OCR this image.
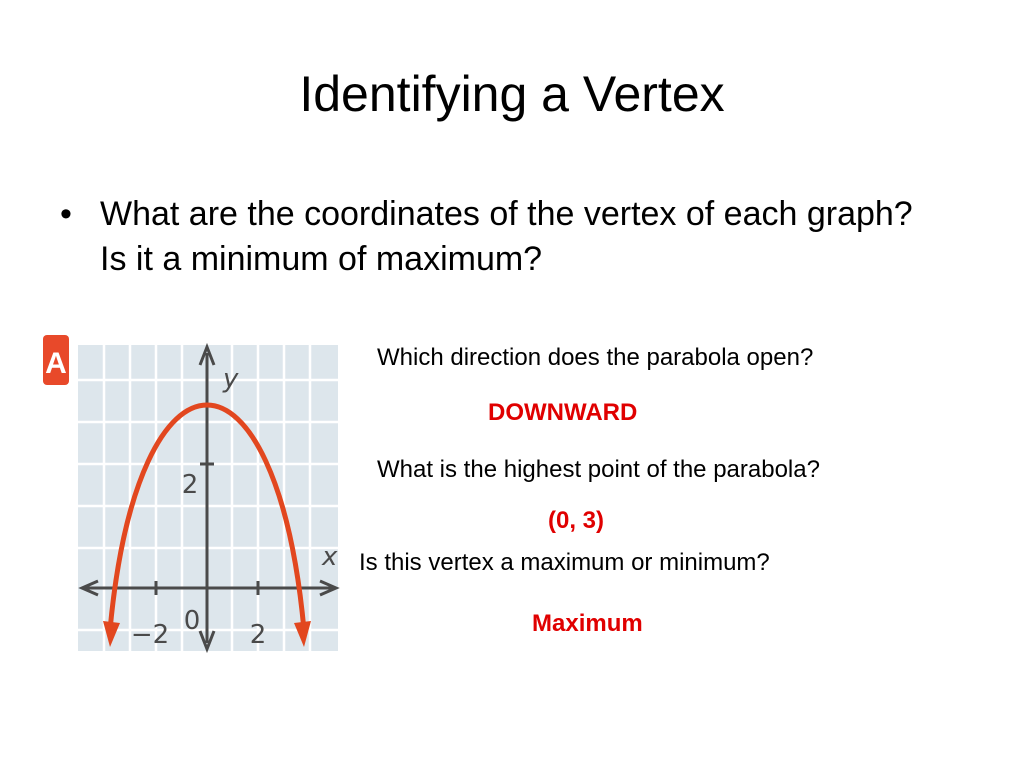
Identifying a Vertex
• What are the coordinates of the vertex of each graph? Is it a minimum of maximum?
A	y
x
2
−2 0 2
Which direction does the parabola open?
DOWNWARD
What is the highest point of the parabola?
(0, 3)
Is this vertex a maximum or minimum?
Maximum
